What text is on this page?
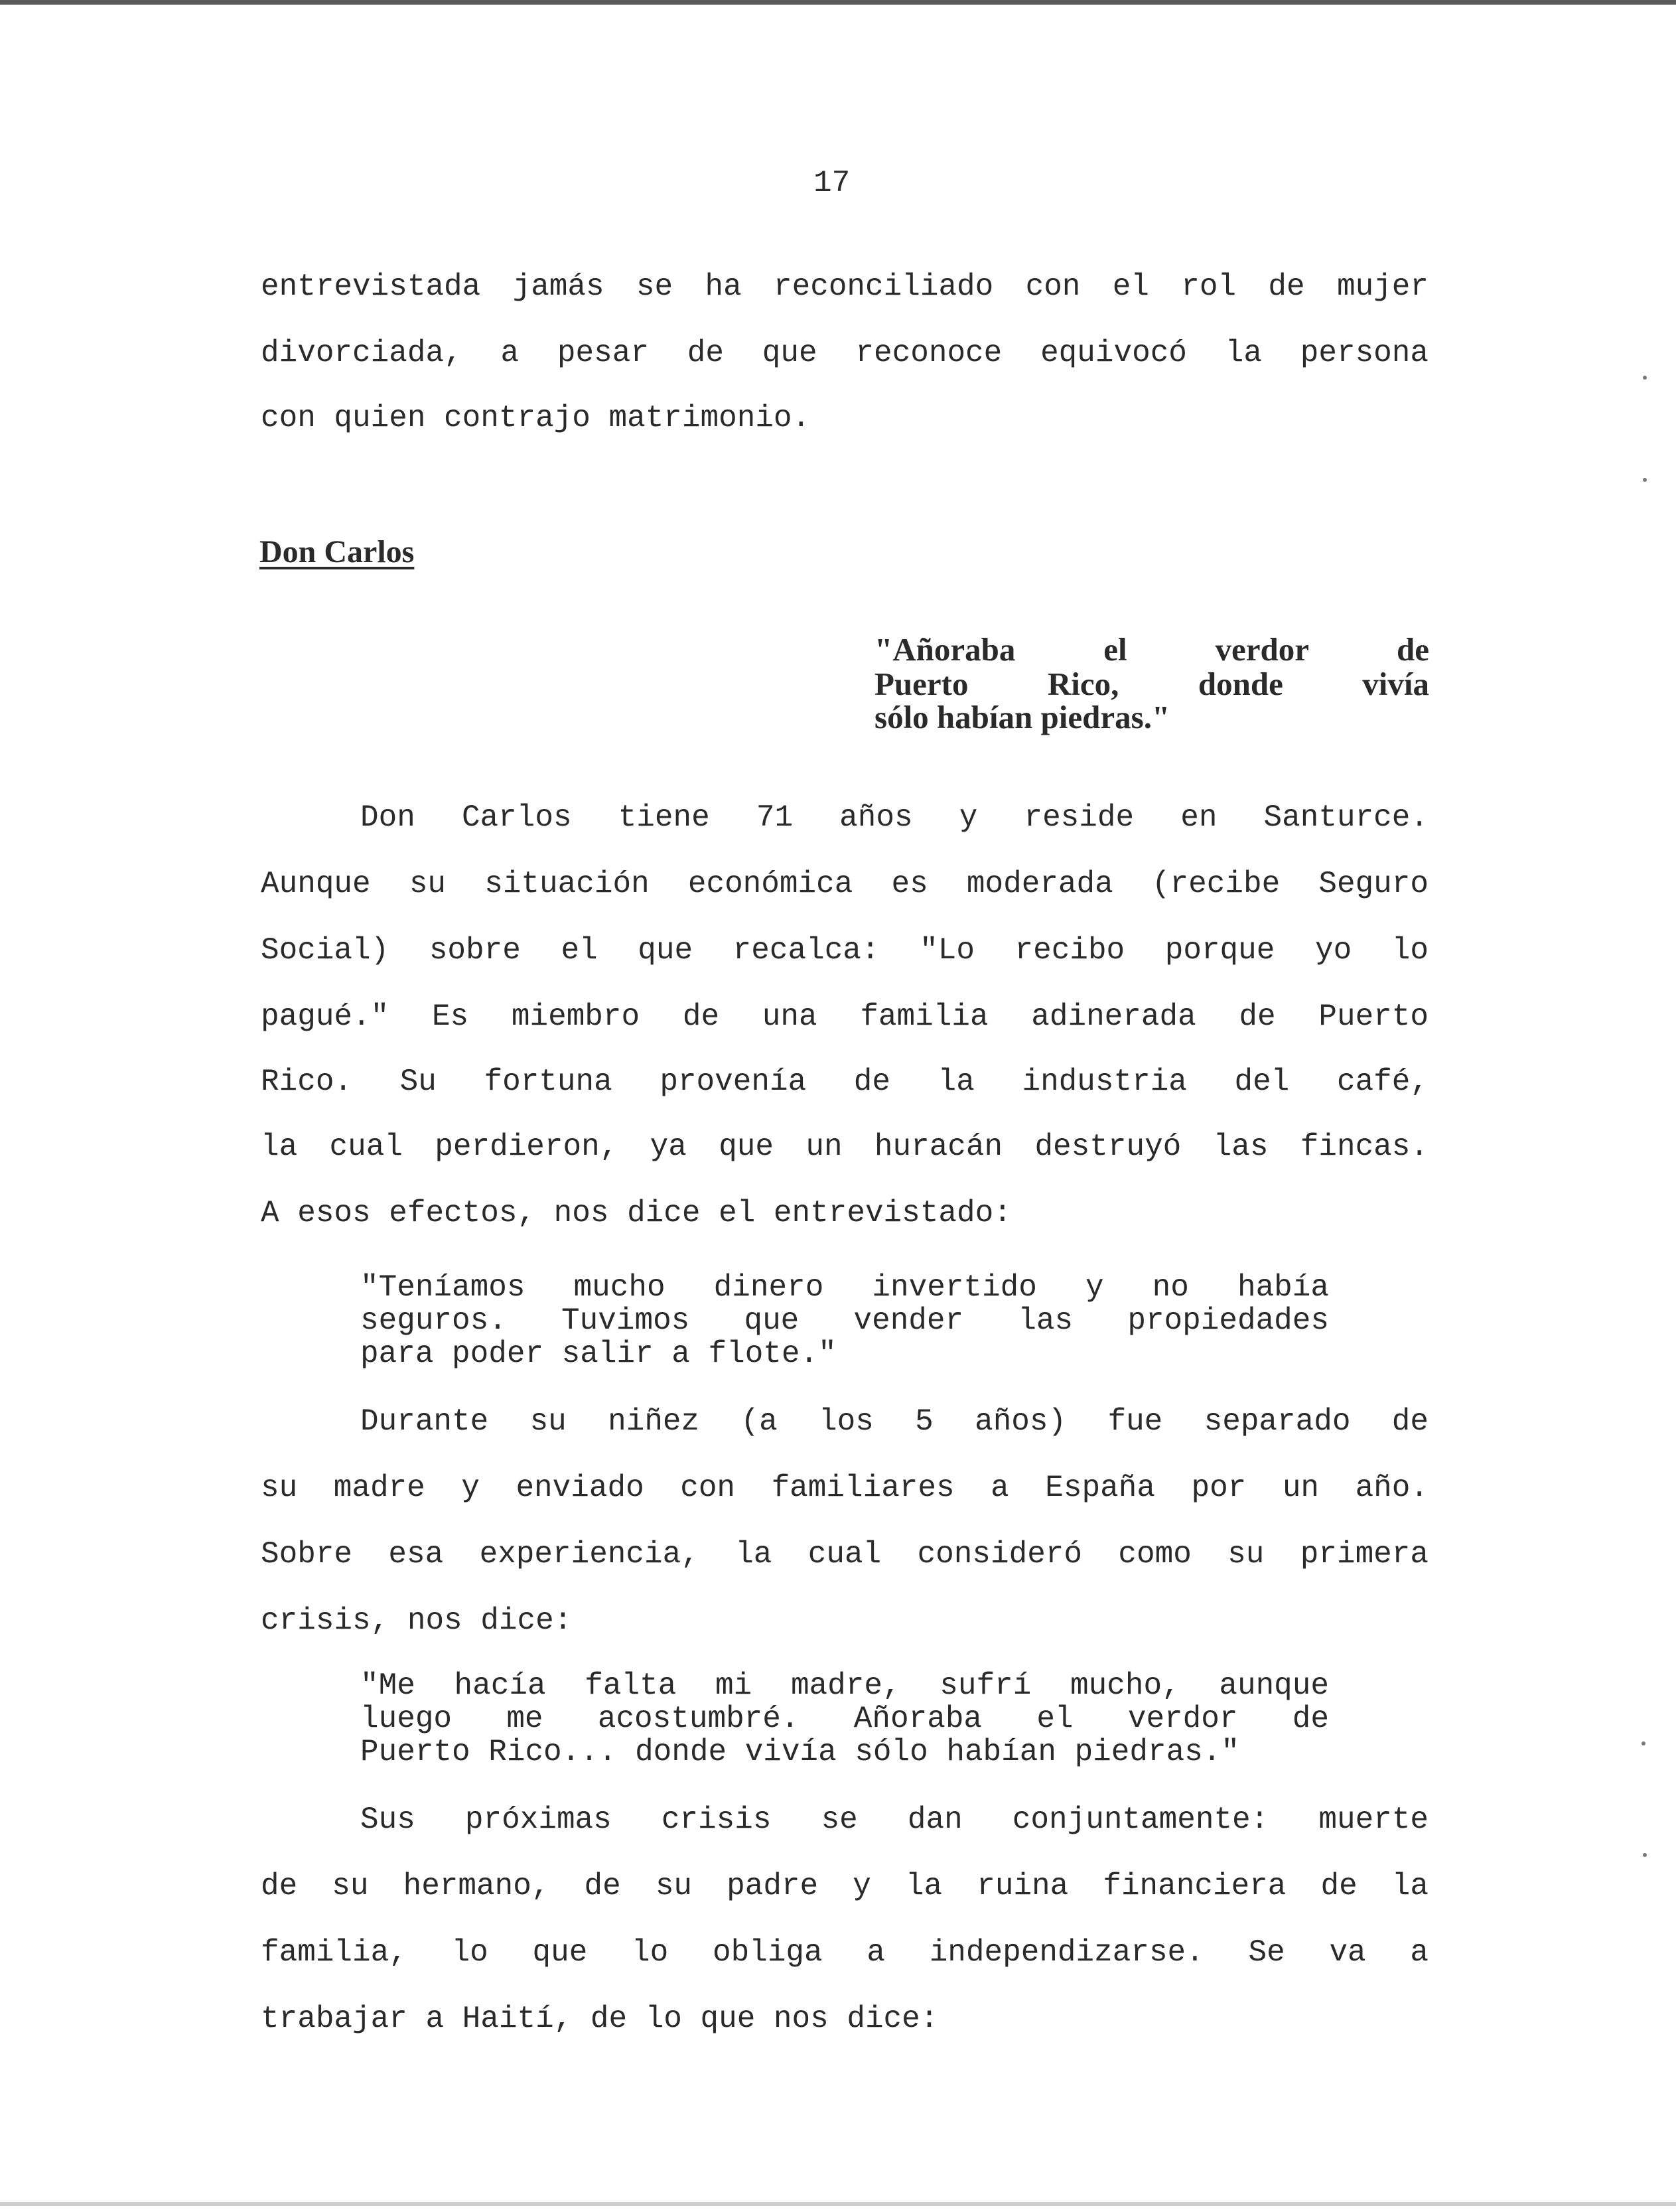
17
entrevistada jamás se ha reconciliado con el rol de mujer
divorciada, a pesar de que reconoce equivocó la persona
con quien contrajo matrimonio.
Don Carlos
"Añoraba el verdor de
Puerto Rico, donde vivía
sólo habían piedras."
Don Carlos tiene 71 años y reside en Santurce.
Aunque su situación económica es moderada (recibe Seguro
Social) sobre el que recalca: "Lo recibo porque yo lo
pagué." Es miembro de una familia adinerada de Puerto
Rico. Su fortuna provenía de la industria del café,
la cual perdieron, ya que un huracán destruyó las fincas.
A esos efectos, nos dice el entrevistado:
"Teníamos mucho dinero invertido y no había
seguros. Tuvimos que vender las propiedades
para poder salir a flote."
Durante su niñez (a los 5 años) fue separado de
su madre y enviado con familiares a España por un año.
Sobre esa experiencia, la cual consideró como su primera
crisis, nos dice:
"Me hacía falta mi madre, sufrí mucho, aunque
luego me acostumbré. Añoraba el verdor de
Puerto Rico... donde vivía sólo habían piedras."
Sus próximas crisis se dan conjuntamente: muerte
de su hermano, de su padre y la ruina financiera de la
familia, lo que lo obliga a independizarse. Se va a
trabajar a Haití, de lo que nos dice:
